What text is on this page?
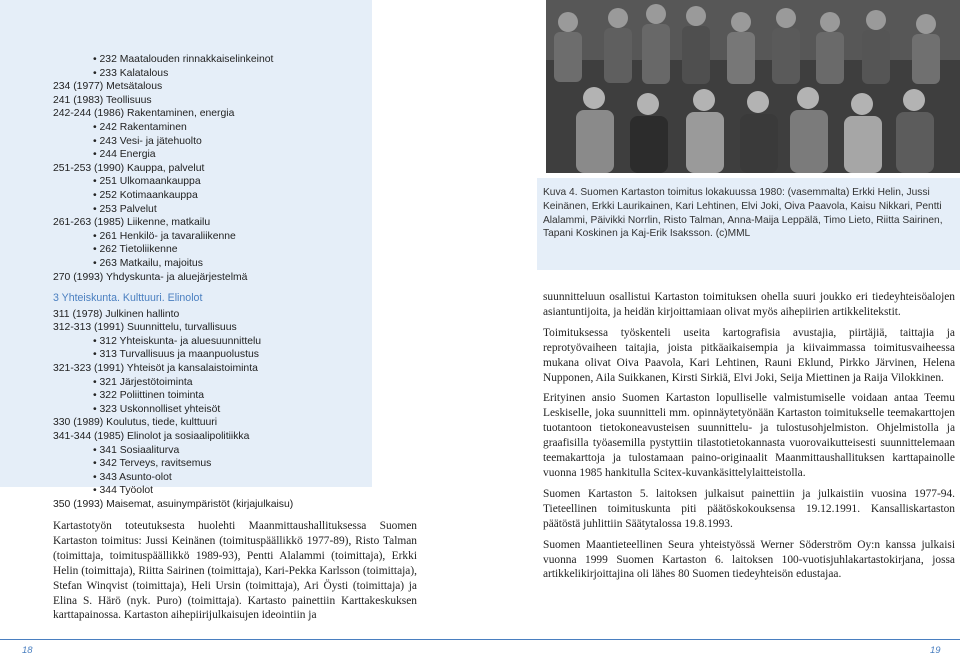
• 232 Maatalouden rinnakkaiselinkeinot
• 233 Kalatalous
234 (1977) Metsätalous
241 (1983) Teollisuus
242-244 (1986) Rakentaminen, energia
• 242 Rakentaminen
• 243 Vesi- ja jätehuolto
• 244 Energia
251-253 (1990) Kauppa, palvelut
• 251 Ulkomaankauppa
• 252 Kotimaankauppa
• 253 Palvelut
261-263 (1985) Liikenne, matkailu
• 261 Henkilö- ja tavaraliikenne
• 262 Tietoliikenne
• 263 Matkailu, majoitus
270 (1993) Yhdyskunta- ja aluejärjestelmä
3 Yhteiskunta. Kulttuuri. Elinolot
311 (1978) Julkinen hallinto
312-313 (1991) Suunnittelu, turvallisuus
• 312 Yhteiskunta- ja aluesuunnittelu
• 313 Turvallisuus ja maanpuolustus
321-323 (1991) Yhteisöt ja kansalaistoiminta
• 321 Järjestötoiminta
• 322 Poliittinen toiminta
• 323 Uskonnolliset yhteisöt
330 (1989) Koulutus, tiede, kulttuuri
341-344 (1985) Elinolot ja sosiaalipolitiikka
• 341 Sosiaaliturva
• 342 Terveys, ravitsemus
• 343 Asunto-olot
• 344 Työolot
350 (1993) Maisemat, asuinympäristöt (kirjajulkaisu)
Kartastotyön toteutuksesta huolehti Maanmittaushallituksessa Suomen Kartaston toimitus: Jussi Keinänen (toimituspäällikkö 1977-89), Risto Talman (toimittaja, toimituspäällikkö 1989-93), Pentti Alalammi (toimittaja), Erkki Helin (toimittaja), Riitta Sairinen (toimittaja), Kari-Pekka Karlsson (toimittaja), Stefan Winqvist (toimittaja), Heli Ursin (toimittaja), Ari Öysti (toimittaja) ja Elina S. Härö (nyk. Puro) (toimittaja). Kartasto painettiin Karttakeskuksen karttapainossa. Kartaston aihepiirijulkaisujen ideointiin ja
18
Kuva 4. Suomen Kartaston toimitus lokakuussa 1980: (vasemmalta) Erkki Helin, Jussi Keinänen, Erkki Laurikainen, Kari Lehtinen, Elvi Joki, Oiva Paavola, Kaisu Nikkari, Pentti Alalammi, Päivikki Norrlin, Risto Talman, Anna-Maija Leppälä, Timo Lieto, Riitta Sairinen, Tapani Koskinen ja Kaj-Erik Isaksson. (c)MML

suunnitteluun osallistui Kartaston toimituksen ohella suuri joukko eri tiedeyhteisöalojen asiantuntijoita, ja heidän kirjoittamiaan olivat myös aihepiirien artikkelitekstit.

Toimituksessa työskenteli useita kartografisia avustajia, piirtäjiä, taittajia ja reprotyövaiheen taitajia, joista pitkäaikaisempia ja kiivaimmassa toimitusvaiheessa mukana olivat Oiva Paavola, Kari Lehtinen, Rauni Eklund, Pirkko Järvinen, Helena Nupponen, Aila Suikkanen, Kirsti Sirkiä, Elvi Joki, Seija Miettinen ja Raija Vilokkinen.

Erityinen ansio Suomen Kartaston lopulliselle valmistumiselle voidaan antaa Teemu Leskiselle, joka suunnitteli mm. opinnäytetyönään Kartaston toimitukselle teemakarttojen tuotantoon tietokoneavusteisen suunnittelu- ja tulostusohjelmiston. Ohjelmistolla ja graafisilla työasemilla pystyttiin tilastotietokannasta vuorovaikutteisesti suunnittelemaan teemakarttoja ja tulostamaan paino-originaalit Maanmittaushallituksen karttapainolle vuonna 1985 hankitulla Scitex-kuvankäsittelylaitteistolla.

Suomen Kartaston 5. laitoksen julkaisut painettiin ja julkaistiin vuosina 1977-94. Tieteellinen toimituskunta piti päätöskokouksensa 19.12.1991. Kansalliskartaston päätöstä juhlittiin Säätytalossa 19.8.1993.

Suomen Maantieteellinen Seura yhteistyössä Werner Söderström Oy:n kanssa julkaisi vuonna 1999 Suomen Kartaston 6. laitoksen 100-vuotisjuhlakartastokirjana, jossa artikkelikirjoittajina oli lähes 80 Suomen tiedeyhteisön edustajaa.

19
